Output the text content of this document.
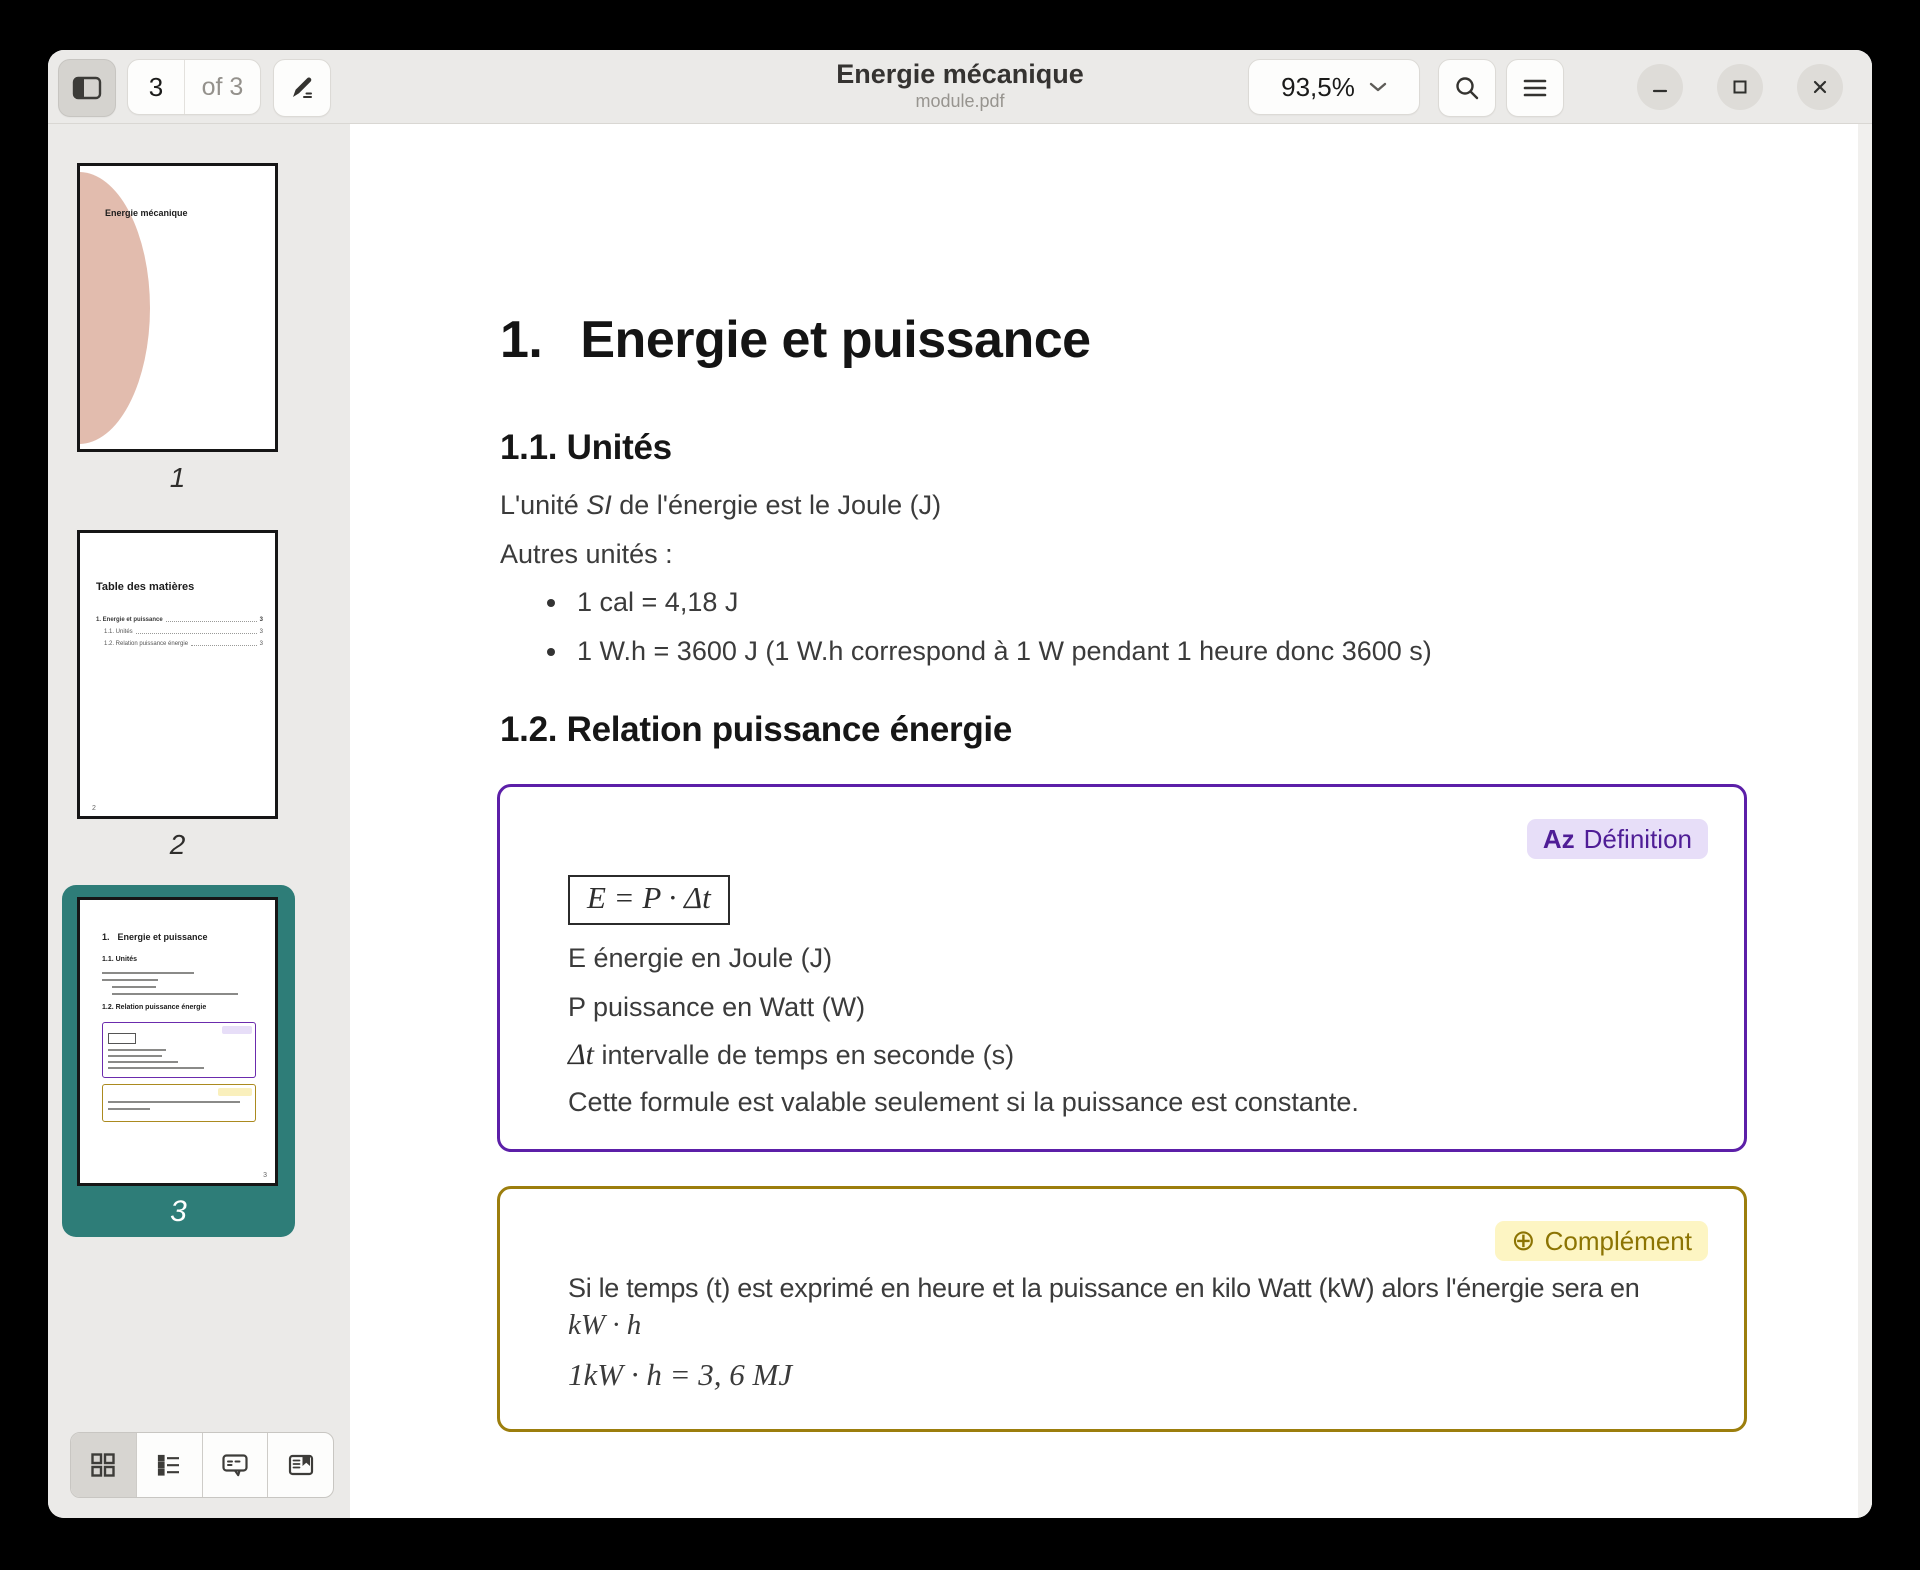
3	of 3	Energie mécanique
module.pdf	93,5%
Energie mécanique
1
Table des matières
1. Energie et puissance	3
1.1. Unités	3
1.2. Relation puissance énergie	3
2
2
1. Energie et puissance
1.1. Unités
1.2. Relation puissance énergie
3
3
1. Energie et puissance
1.1. Unités
L'unité SI de l'énergie est le Joule (J)
Autres unités :
1 cal = 4,18 J
1 W.h = 3600 J (1 W.h correspond à 1 W pendant 1 heure donc 3600 s)
1.2. Relation puissance énergie
Az Définition
E = P · Δt
E énergie en Joule (J)
P puissance en Watt (W)
Δt intervalle de temps en seconde (s)
Cette formule est valable seulement si la puissance est constante.
⊕ Complément
Si le temps (t) est exprimé en heure et la puissance en kilo Watt (kW) alors l'énergie sera en
kW · h
1kW · h = 3, 6 MJ
